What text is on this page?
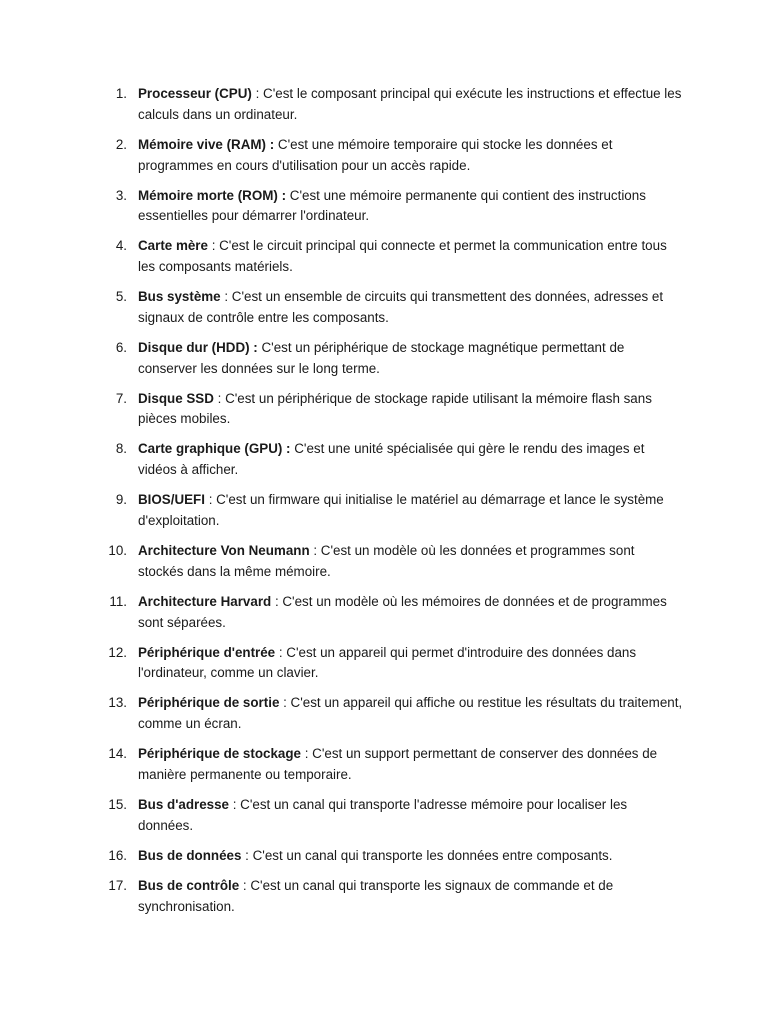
1. Processeur (CPU) : C'est le composant principal qui exécute les instructions et effectue les calculs dans un ordinateur.
2. Mémoire vive (RAM) : C'est une mémoire temporaire qui stocke les données et programmes en cours d'utilisation pour un accès rapide.
3. Mémoire morte (ROM) : C'est une mémoire permanente qui contient des instructions essentielles pour démarrer l'ordinateur.
4. Carte mère : C'est le circuit principal qui connecte et permet la communication entre tous les composants matériels.
5. Bus système : C'est un ensemble de circuits qui transmettent des données, adresses et signaux de contrôle entre les composants.
6. Disque dur (HDD) : C'est un périphérique de stockage magnétique permettant de conserver les données sur le long terme.
7. Disque SSD : C'est un périphérique de stockage rapide utilisant la mémoire flash sans pièces mobiles.
8. Carte graphique (GPU) : C'est une unité spécialisée qui gère le rendu des images et vidéos à afficher.
9. BIOS/UEFI : C'est un firmware qui initialise le matériel au démarrage et lance le système d'exploitation.
10. Architecture Von Neumann : C'est un modèle où les données et programmes sont stockés dans la même mémoire.
11. Architecture Harvard : C'est un modèle où les mémoires de données et de programmes sont séparées.
12. Périphérique d'entrée : C'est un appareil qui permet d'introduire des données dans l'ordinateur, comme un clavier.
13. Périphérique de sortie : C'est un appareil qui affiche ou restitue les résultats du traitement, comme un écran.
14. Périphérique de stockage : C'est un support permettant de conserver des données de manière permanente ou temporaire.
15. Bus d'adresse : C'est un canal qui transporte l'adresse mémoire pour localiser les données.
16. Bus de données : C'est un canal qui transporte les données entre composants.
17. Bus de contrôle : C'est un canal qui transporte les signaux de commande et de synchronisation.
